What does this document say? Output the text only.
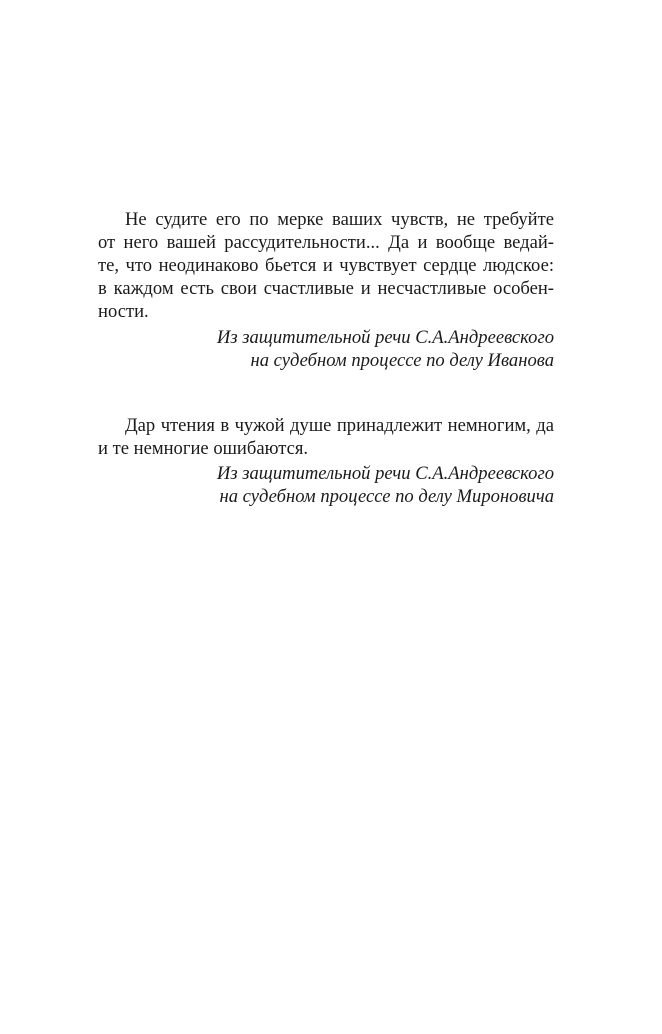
Не судите его по мерке ваших чувств, не требуйте
от него вашей рассудительности... Да и вообще ведай-
те, что неодинаково бьется и чувствует сердце людское:
в каждом есть свои счастливые и несчастливые особен-
ности.
Из защитительной речи С.А.Андреевского
на судебном процессе по делу Иванова
Дар чтения в чужой душе принадлежит немногим, да
и те немногие ошибаются.
Из защитительной речи С.А.Андреевского
на судебном процессе по делу Мироновича
